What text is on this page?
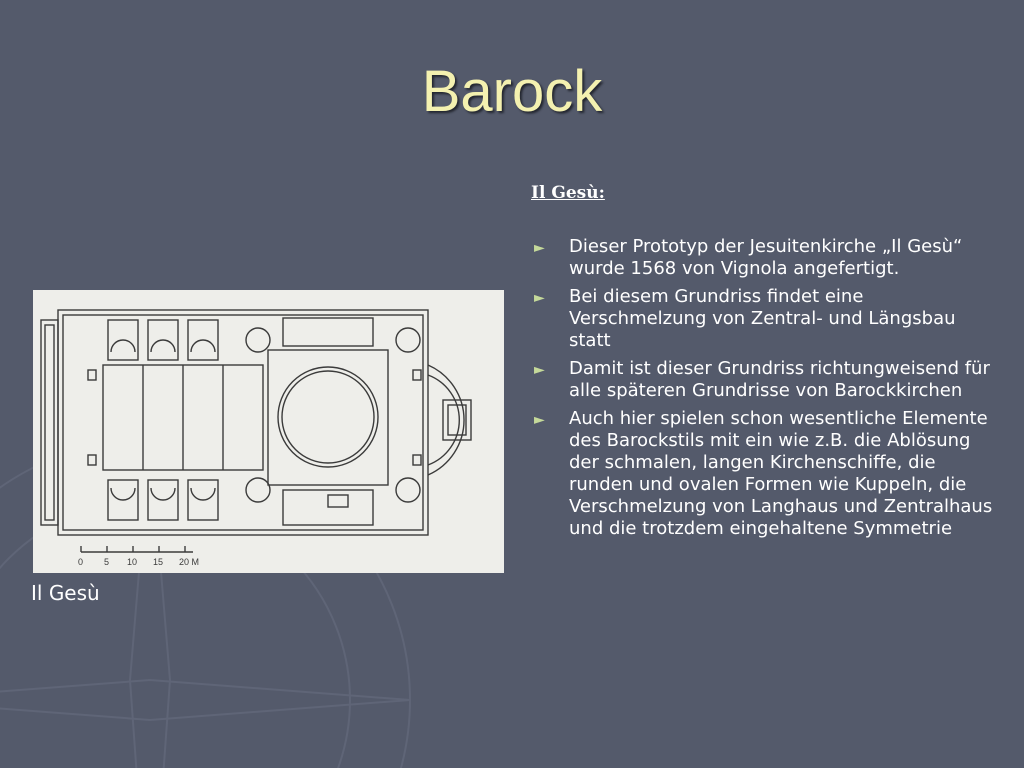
Barock
0 5 10 15 20 M
Il Gesù
Il Gesù:
► Dieser Prototyp der Jesuitenkirche „Il Gesù“ wurde 1568 von Vignola angefertigt.
► Bei diesem Grundriss findet eine Verschmelzung von Zentral- und Längsbau statt
► Damit ist dieser Grundriss richtungweisend für alle späteren Grundrisse von Barockkirchen
► Auch hier spielen schon wesentliche Elemente des Barockstils mit ein wie z.B. die Ablösung der schmalen, langen Kirchenschiffe, die runden und ovalen Formen wie Kuppeln, die Verschmelzung von Langhaus und Zentralhaus und die trotzdem eingehaltene Symmetrie
